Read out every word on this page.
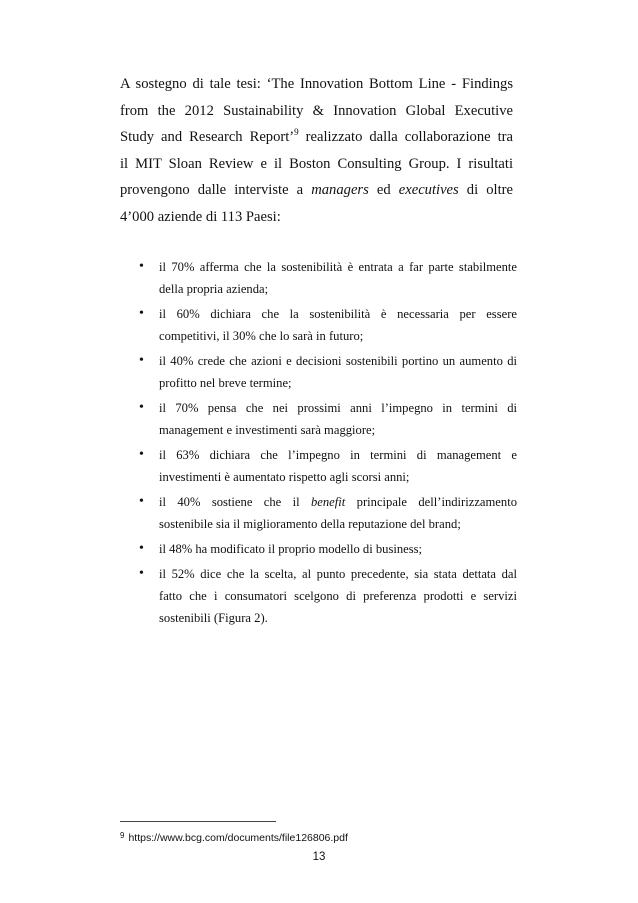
A sostegno di tale tesi: ‘The Innovation Bottom Line - Findings
from the 2012 Sustainability & Innovation Global Executive
Study and Research Report’$^9$ realizzato dalla collaborazione tra
il MIT Sloan Review e il Boston Consulting Group. I risultati
provengono dalle interviste a managers ed executives di oltre
4’000 aziende di 113 Paesi:
• il 70% afferma che la sostenibilità è entrata a far parte stabilmente
della propria azienda;
• il 60% dichiara che la sostenibilità è necessaria per essere
competitivi, il 30% che lo sarà in futuro;
• il 40% crede che azioni e decisioni sostenibili portino un aumento di
profitto nel breve termine;
• il 70% pensa che nei prossimi anni l’impegno in termini di
management e investimenti sarà maggiore;
• il 63% dichiara che l’impegno in termini di management e
investimenti è aumentato rispetto agli scorsi anni;
• il 40% sostiene che il benefit principale dell’indirizzamento
sostenibile sia il miglioramento della reputazione del brand;
• il 48% ha modificato il proprio modello di business;
• il 52% dice che la scelta, al punto precedente, sia stata dettata dal
fatto che i consumatori scelgono di preferenza prodotti e servizi
sostenibili (Figura 2).
$^9$ https://www.bcg.com/documents/file126806.pdf
13
